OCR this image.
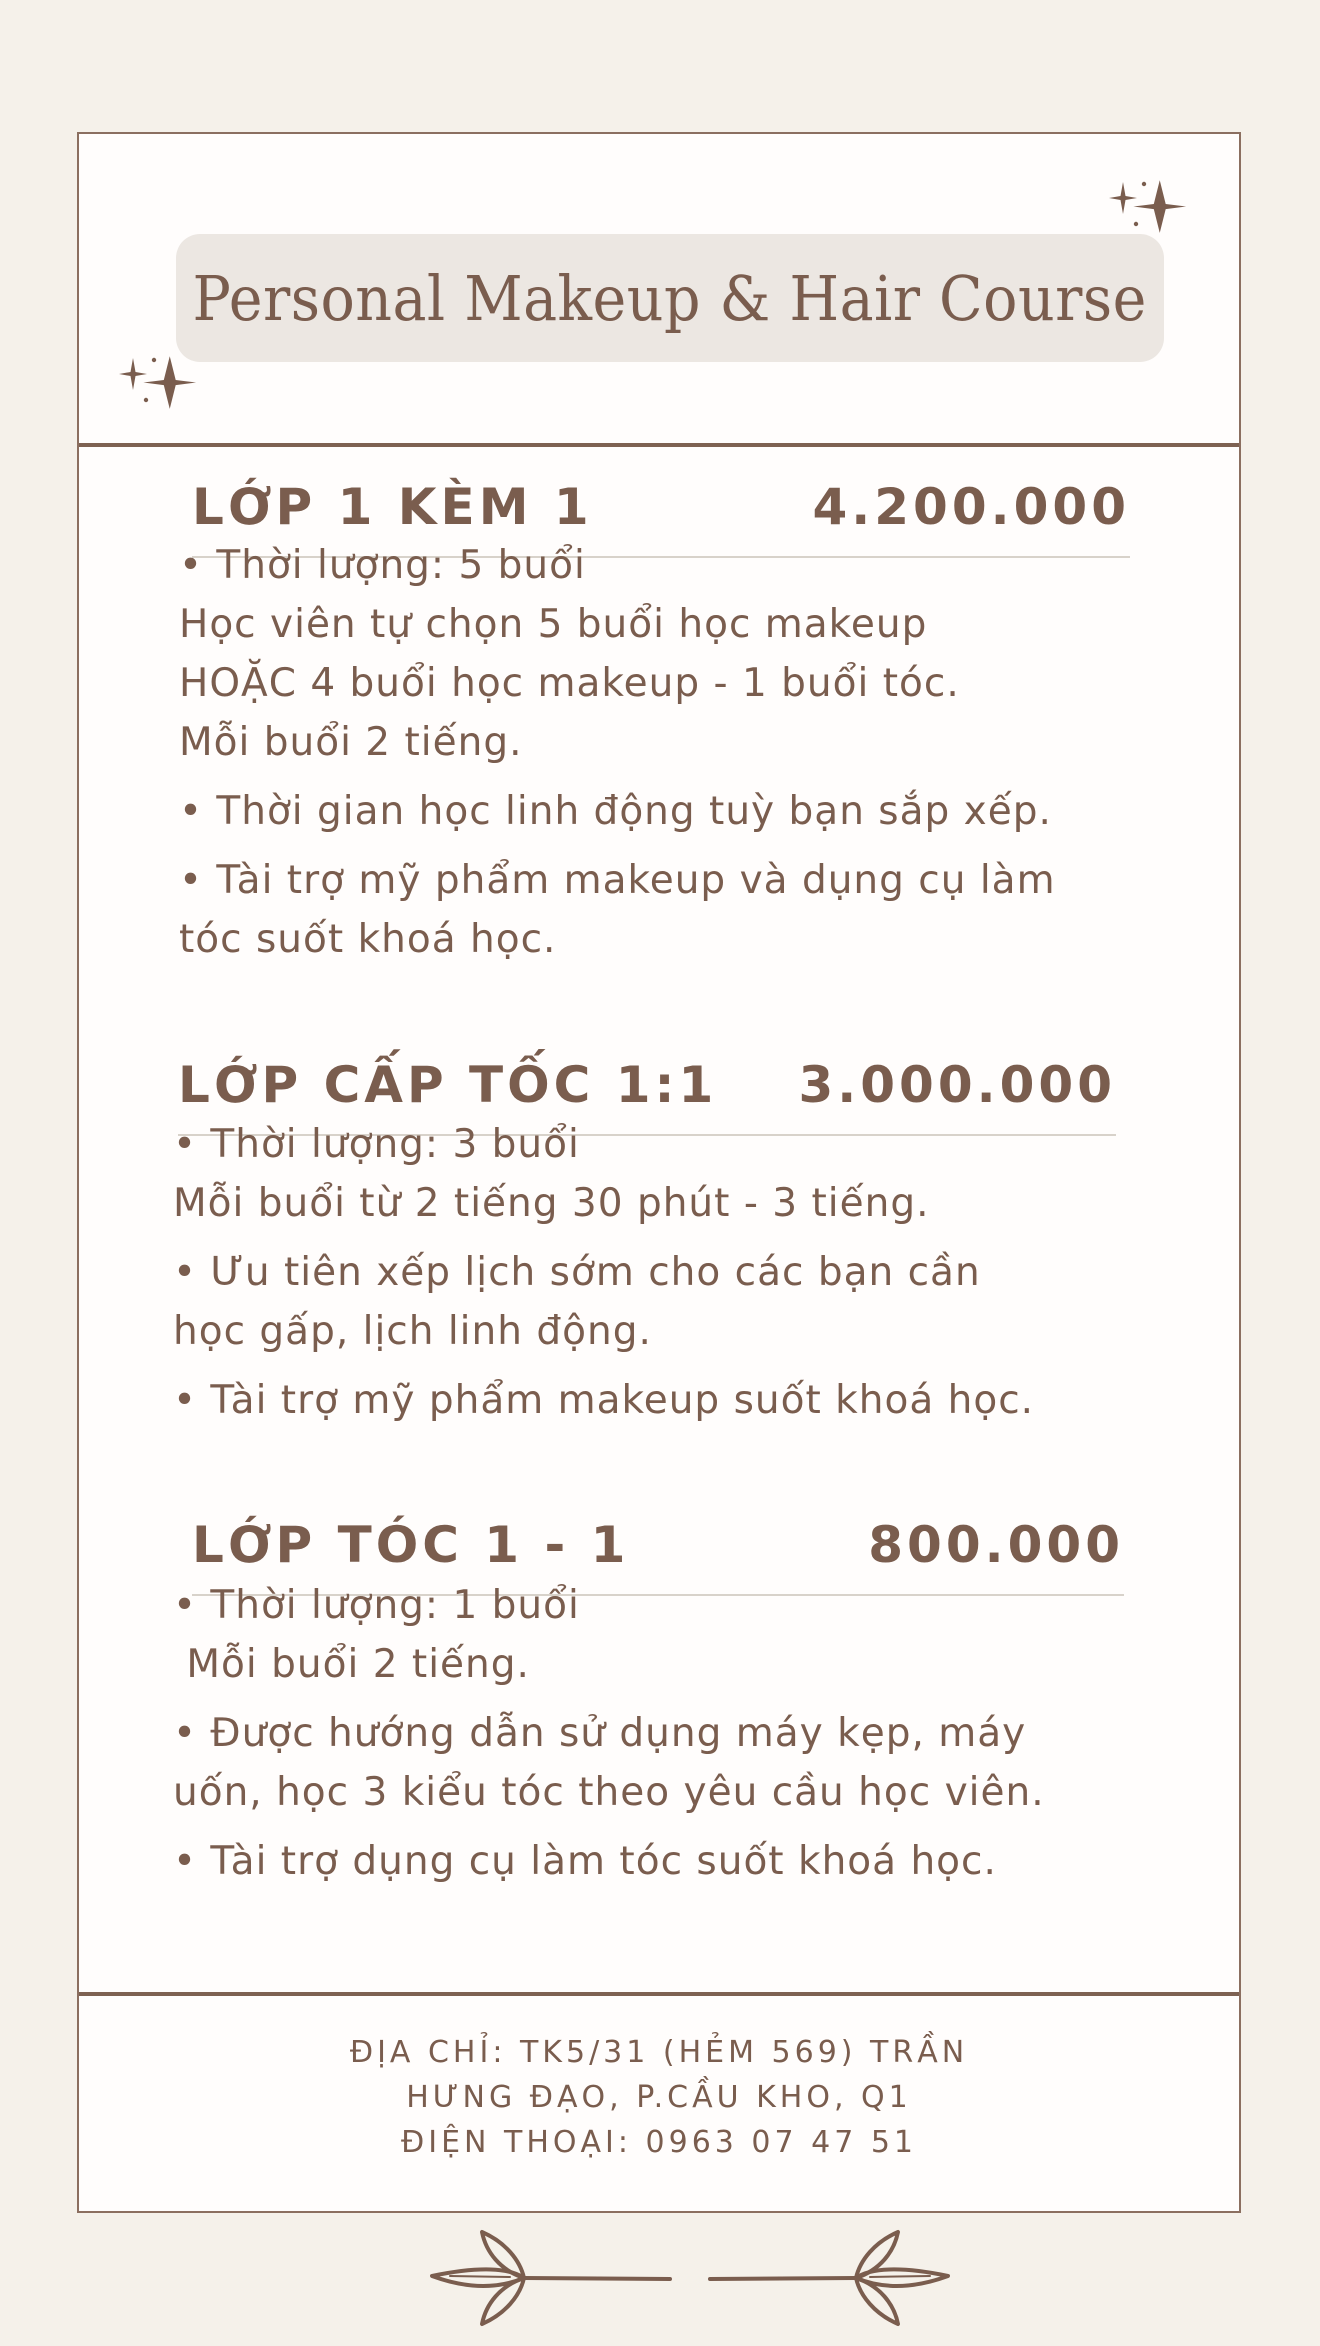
Personal Makeup & Hair Course
LỚP 1 KÈM 1	4.200.000

• Thời lượng: 5 buổi

Học viên tự chọn 5 buổi học makeup

HOẶC 4 buổi học makeup - 1 buổi tóc.

Mỗi buổi 2 tiếng.

• Thời gian học linh động tuỳ bạn sắp xếp.

• Tài trợ mỹ phẩm makeup và dụng cụ làm

tóc suốt khoá học.

LỚP CẤP TỐC 1:1 3.000.000

• Thời lượng: 3 buổi

Mỗi buổi từ 2 tiếng 30 phút - 3 tiếng.

• Ưu tiên xếp lịch sớm cho các bạn cần

học gấp, lịch linh động.

• Tài trợ mỹ phẩm makeup suốt khoá học.

LỚP TÓC 1 - 1	800.000

• Thời lượng: 1 buổi

Mỗi buổi 2 tiếng.

• Được hướng dẫn sử dụng máy kẹp, máy

uốn, học 3 kiểu tóc theo yêu cầu học viên.

• Tài trợ dụng cụ làm tóc suốt khoá học.

ĐỊA CHỈ: TK5/31 (HẺM 569) TRẦN

HƯNG ĐẠO, P.CẦU KHO, Q1

ĐIỆN THOẠI: 0963 07 47 51
